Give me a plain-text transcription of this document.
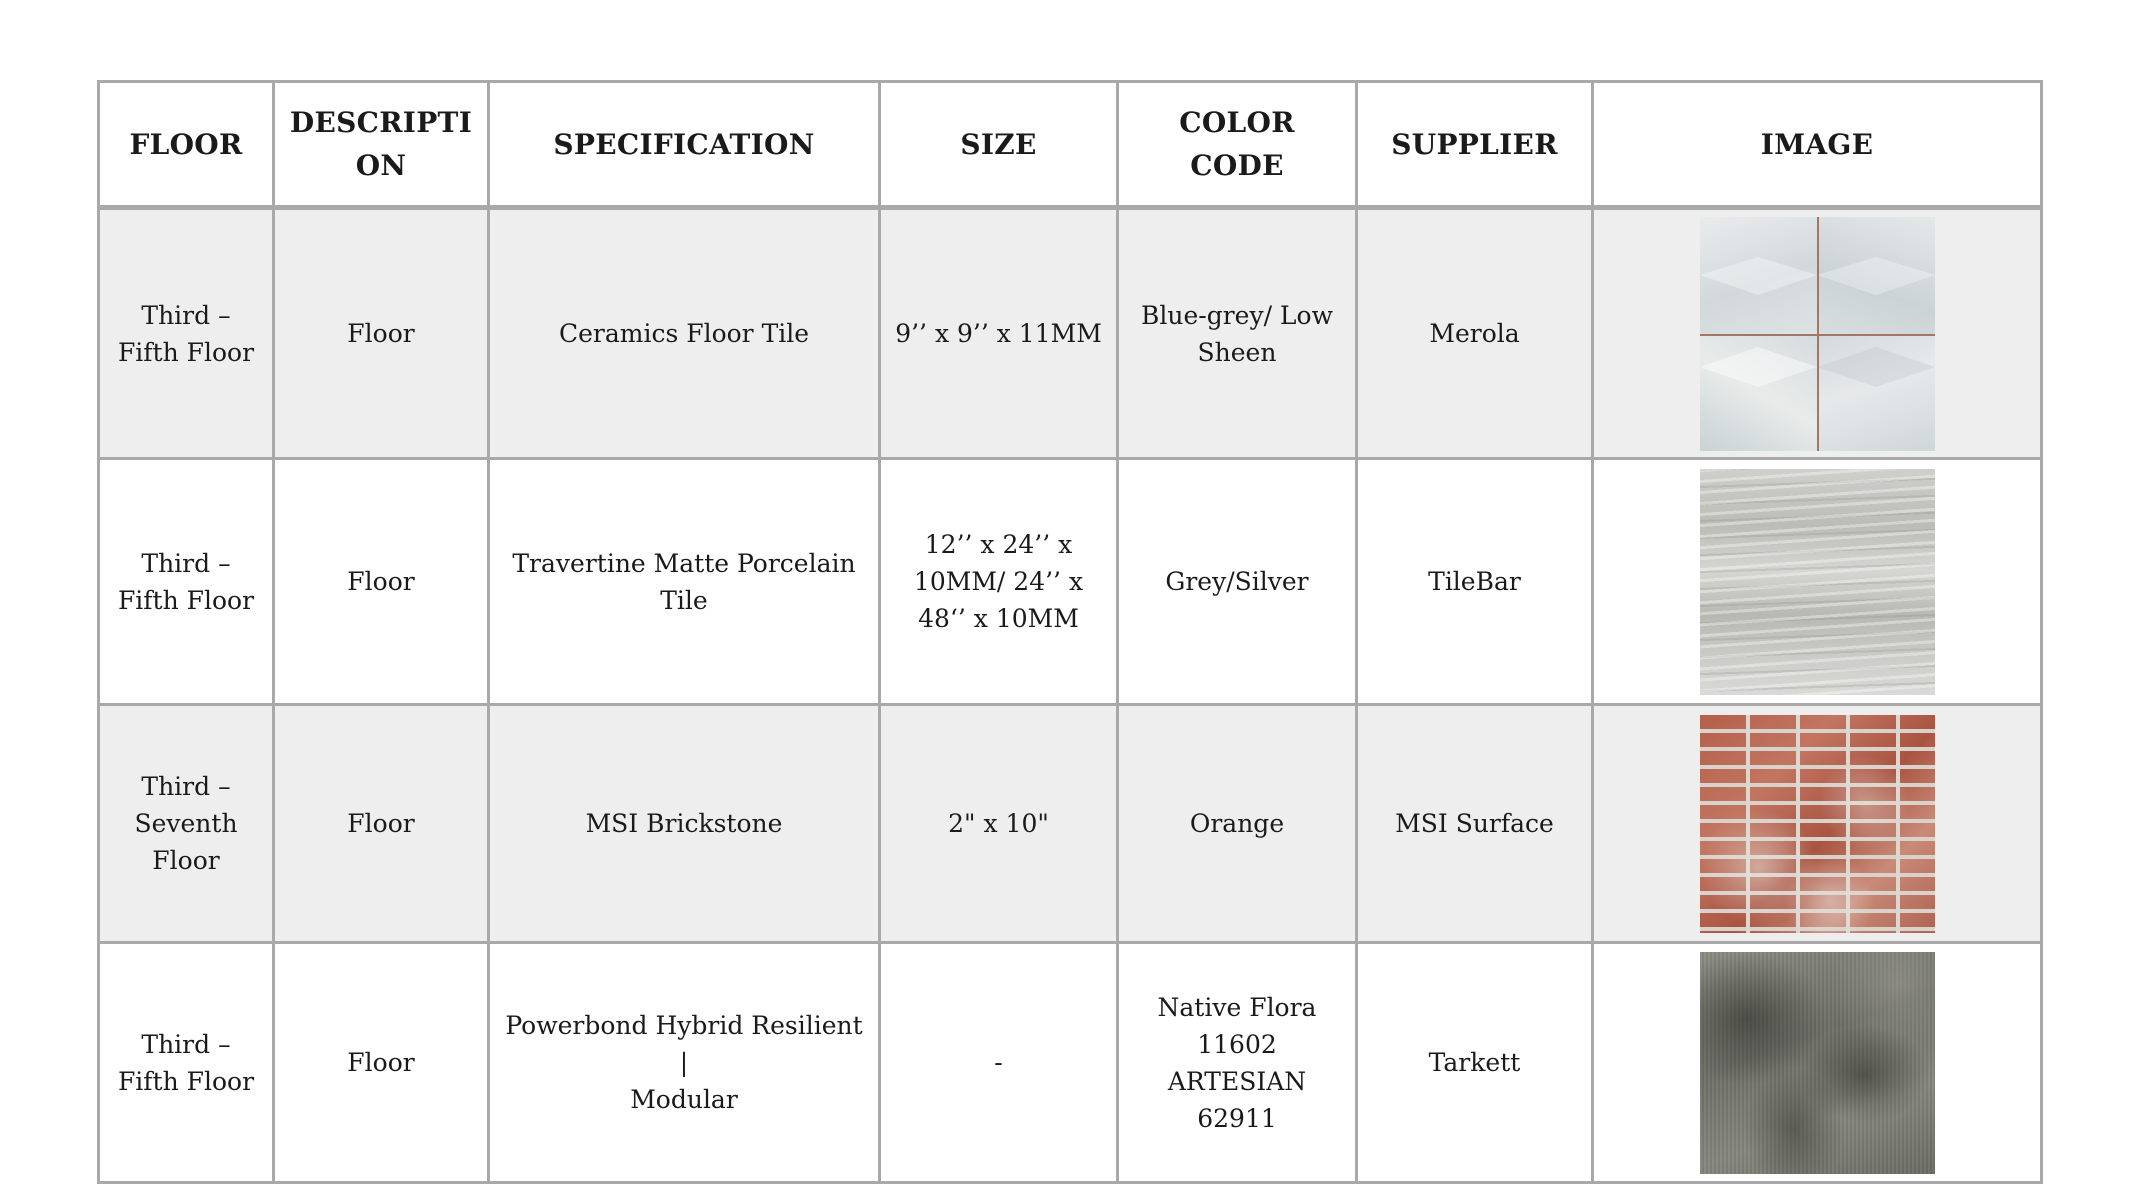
FLOOR	DESCRIPTI
ON	SPECIFICATION	SIZE	COLOR
CODE	SUPPLIER	IMAGE
Third –
Fifth Floor	Floor	Ceramics Floor Tile	9’’ x 9’’ x 11MM	Blue-grey/ Low
Sheen	Merola	

Third –
Fifth Floor	Floor	Travertine Matte Porcelain
Tile	12’’ x 24’’ x
10MM/ 24’’ x
48‘’ x 10MM	Grey/Silver	TileBar	

Third –
Seventh
Floor	Floor	MSI Brickstone	2" x 10"	Orange	MSI Surface	

Third –
Fifth Floor	Floor	Powerbond Hybrid Resilient |
Modular	-	Native Flora
11602
ARTESIAN
62911	Tarkett	
